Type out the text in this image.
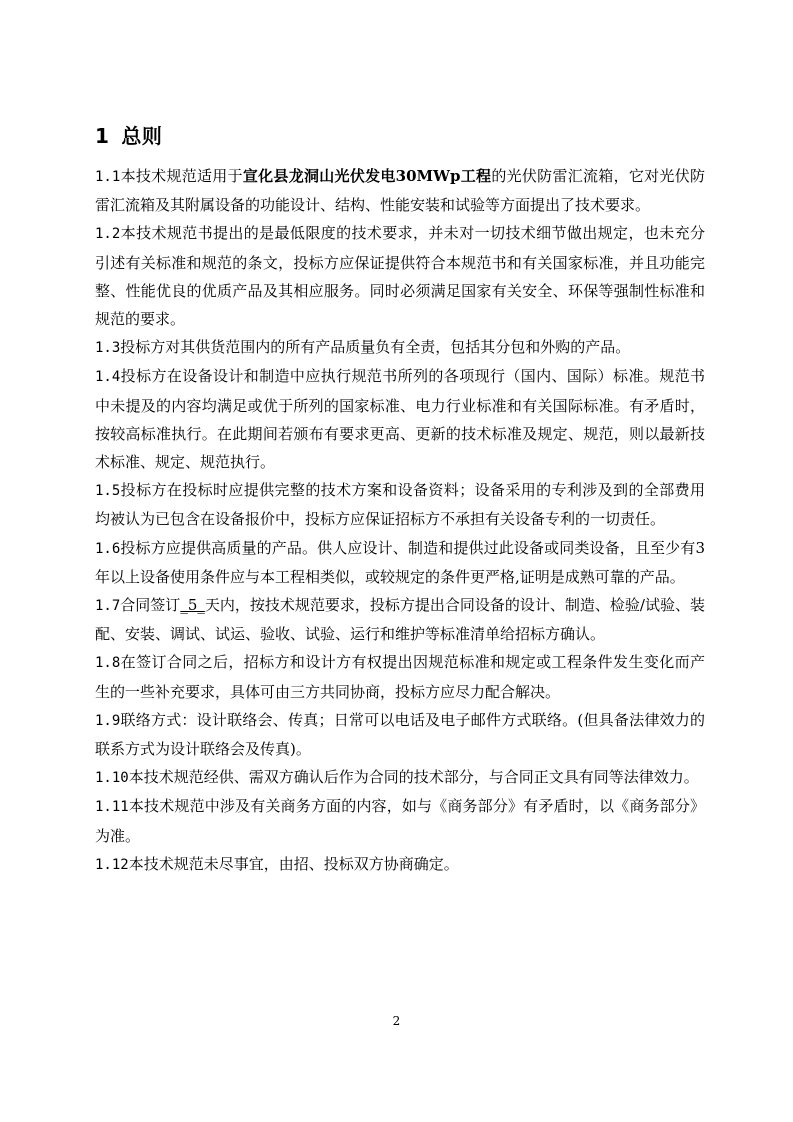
1 总则

1.1本技术规范适用于宣化县龙洞山光伏发电30MWp工程的光伏防雷汇流箱，它对光伏防雷汇流箱及其附属设备的功能设计、结构、性能安装和试验等方面提出了技术要求。

1.2本技术规范书提出的是最低限度的技术要求，并未对一切技术细节做出规定，也未充分引述有关标准和规范的条文，投标方应保证提供符合本规范书和有关国家标准，并且功能完整、性能优良的优质产品及其相应服务。同时必须满足国家有关安全、环保等强制性标准和规范的要求。

1.3投标方对其供货范围内的所有产品质量负有全责，包括其分包和外购的产品。

1.4投标方在设备设计和制造中应执行规范书所列的各项现行（国内、国际）标准。规范书中未提及的内容均满足或优于所列的国家标准、电力行业标准和有关国际标准。有矛盾时，按较高标准执行。在此期间若颁布有要求更高、更新的技术标准及规定、规范，则以最新技术标准、规定、规范执行。

1.5投标方在投标时应提供完整的技术方案和设备资料；设备采用的专利涉及到的全部费用均被认为已包含在设备报价中，投标方应保证招标方不承担有关设备专利的一切责任。

1.6投标方应提供高质量的产品。供人应设计、制造和提供过此设备或同类设备，且至少有3年以上设备使用条件应与本工程相类似，或较规定的条件更严格,证明是成熟可靠的产品。

1.7合同签订_5_天内，按技术规范要求，投标方提出合同设备的设计、制造、检验/试验、装配、安装、调试、试运、验收、试验、运行和维护等标准清单给招标方确认。

1.8在签订合同之后，招标方和设计方有权提出因规范标准和规定或工程条件发生变化而产生的一些补充要求，具体可由三方共同协商，投标方应尽力配合解决。

1.9联络方式：设计联络会、传真；日常可以电话及电子邮件方式联络。(但具备法律效力的联系方式为设计联络会及传真)。

1.10本技术规范经供、需双方确认后作为合同的技术部分，与合同正文具有同等法律效力。

1.11本技术规范中涉及有关商务方面的内容，如与《商务部分》有矛盾时，以《商务部分》为准。

1.12本技术规范未尽事宜，由招、投标双方协商确定。

2
